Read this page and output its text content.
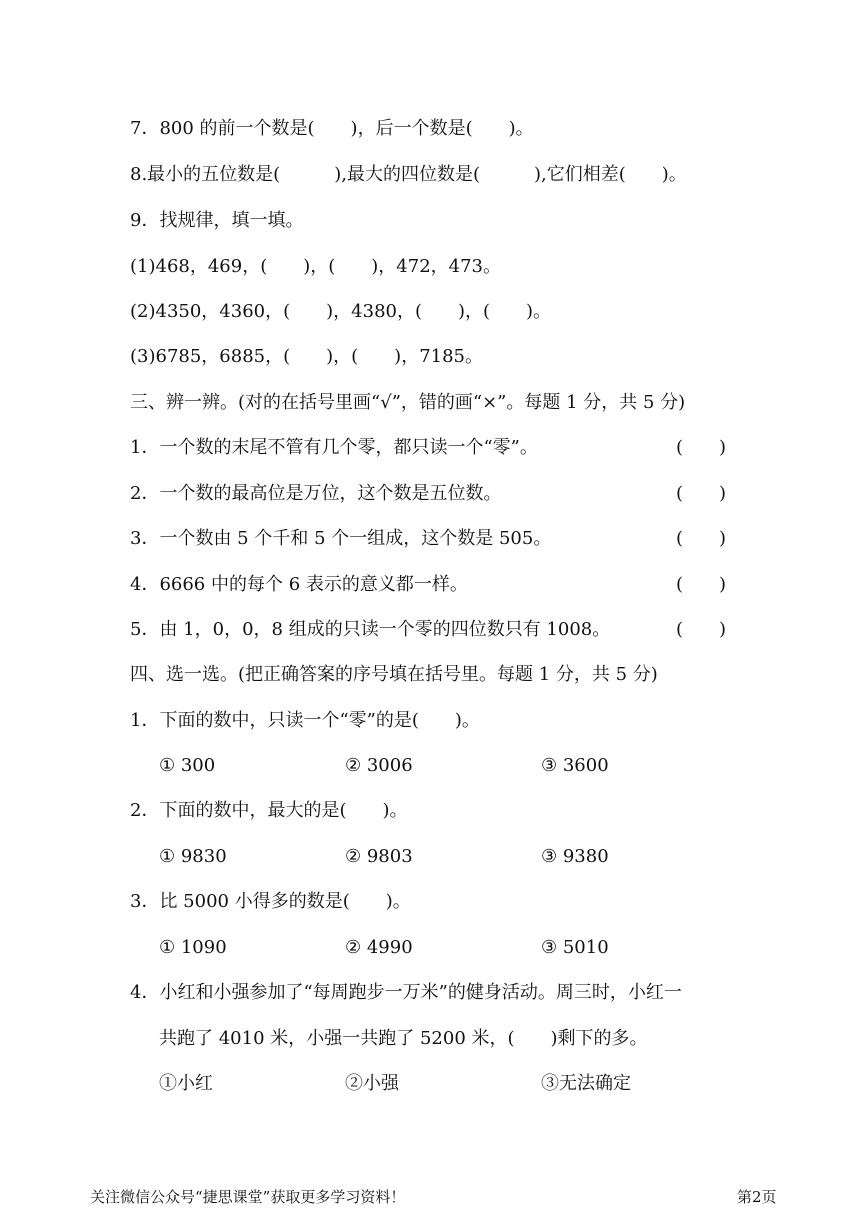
7．800 的前一个数是(　　)，后一个数是(　　)。
8.最小的五位数是(　　　),最大的四位数是(　　　),它们相差(　　)。
9．找规律，填一填。
(1)468，469，(　　)，(　　)，472，473。
(2)4350，4360，(　　)，4380，(　　)，(　　)。
(3)6785，6885，(　　)，(　　)，7185。
三、辨一辨。(对的在括号里画“√”，错的画“×”。每题 1 分，共 5 分)
1．一个数的末尾不管有几个零，都只读一个“零”。	(　　)
2．一个数的最高位是万位，这个数是五位数。	(　　)
3．一个数由 5 个千和 5 个一组成，这个数是 505。	(　　)
4．6666 中的每个 6 表示的意义都一样。	(　　)
5．由 1，0，0，8 组成的只读一个零的四位数只有 1008。	(　　)
四、选一选。(把正确答案的序号填在括号里。每题 1 分，共 5 分)
1．下面的数中，只读一个“零”的是(　　)。
① 300	② 3006	③ 3600
2．下面的数中，最大的是(　　)。
① 9830	② 9803	③ 9380
3．比 5000 小得多的数是(　　)。
① 1090	② 4990	③ 5010
4．小红和小强参加了“每周跑步一万米”的健身活动。周三时，小红一
共跑了 4010 米，小强一共跑了 5200 米，(　　)剩下的多。
①小红	②小强	③无法确定
关注微信公众号“捷思课堂”获取更多学习资料！	第2页
